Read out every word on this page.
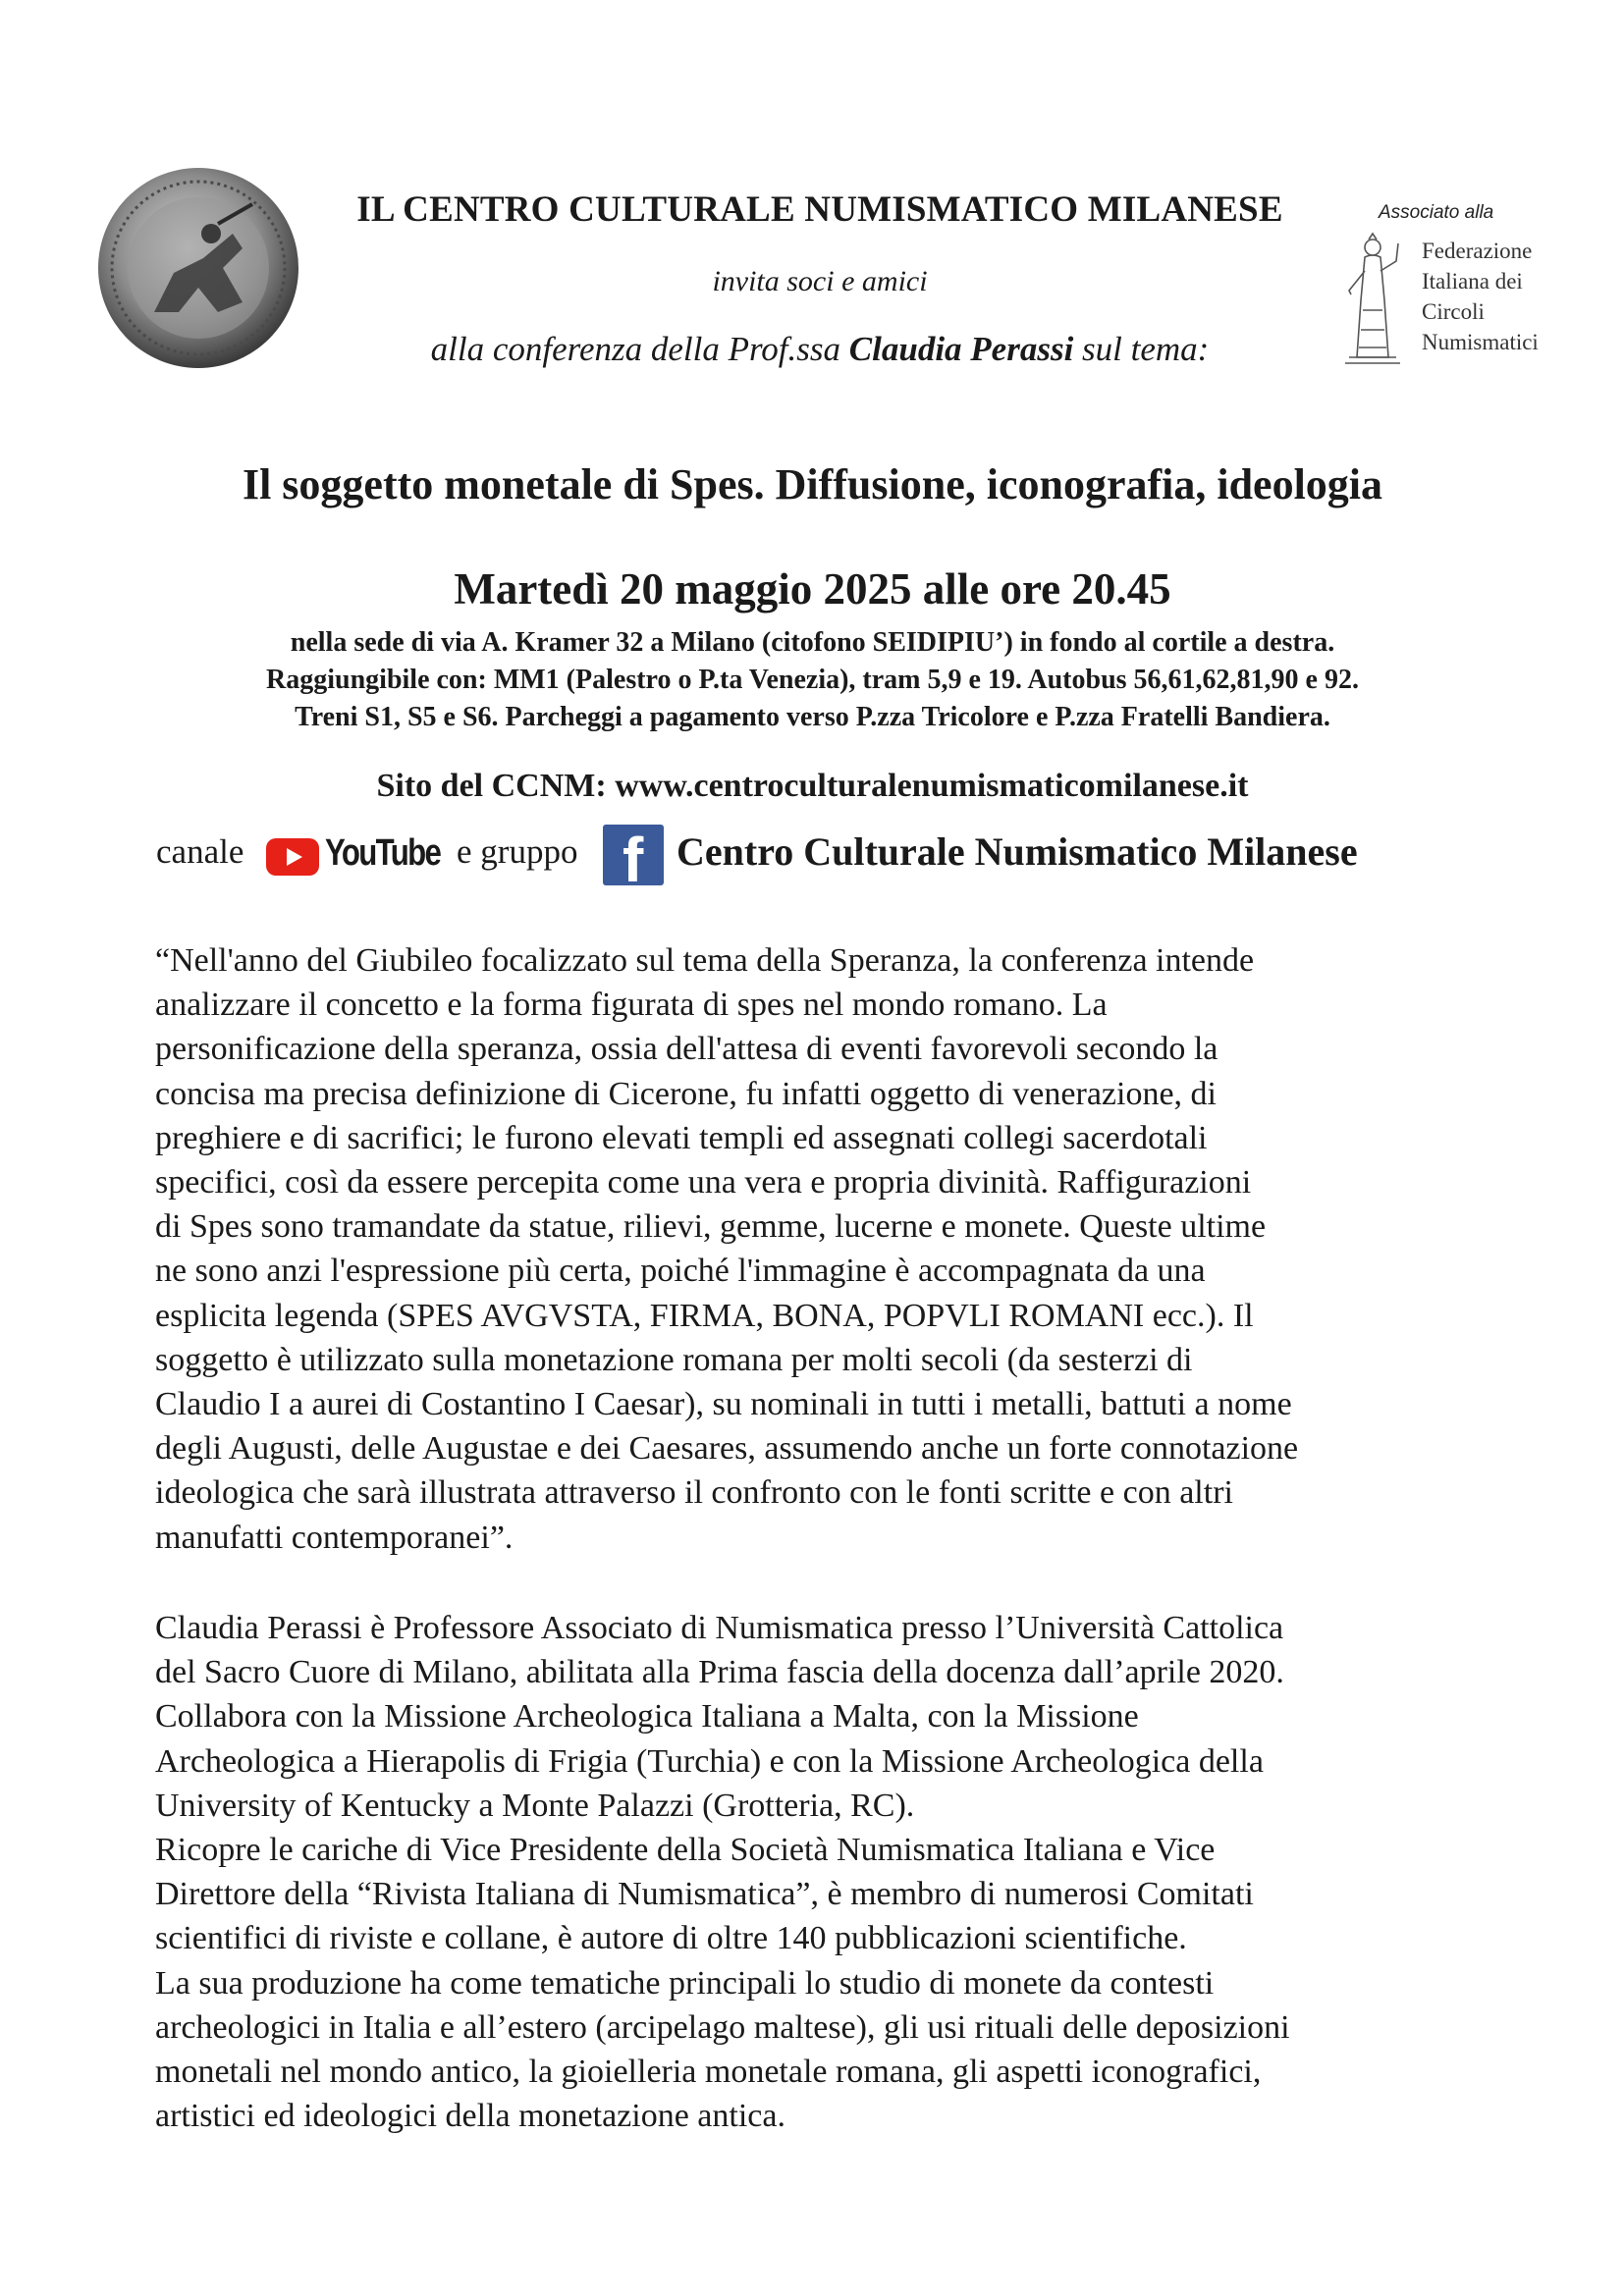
IL CENTRO CULTURALE NUMISMATICO MILANESE
invita soci e amici
alla conferenza della Prof.ssa Claudia Perassi sul tema:
Associato alla
Federazione
Italiana dei
Circoli
Numismatici
Il soggetto monetale di Spes. Diffusione, iconografia, ideologia
Martedì 20 maggio 2025 alle ore 20.45
nella sede di via A. Kramer 32 a Milano (citofono SEIDIPIU’) in fondo al cortile a destra.
Raggiungibile con: MM1 (Palestro o P.ta Venezia), tram 5,9 e 19. Autobus 56,61,62,81,90 e 92.
Treni S1, S5 e S6. Parcheggi a pagamento verso P.zza Tricolore e P.zza Fratelli Bandiera.
Sito del CCNM: www.centroculturalenumismaticomilanese.it
canale YouTube e gruppo f Centro Culturale Numismatico Milanese
“Nell'anno del Giubileo focalizzato sul tema della Speranza, la conferenza intende
analizzare il concetto e la forma figurata di spes nel mondo romano. La
personificazione della speranza, ossia dell'attesa di eventi favorevoli secondo la
concisa ma precisa definizione di Cicerone, fu infatti oggetto di venerazione, di
preghiere e di sacrifici; le furono elevati templi ed assegnati collegi sacerdotali
specifici, così da essere percepita come una vera e propria divinità. Raffigurazioni
di Spes sono tramandate da statue, rilievi, gemme, lucerne e monete. Queste ultime
ne sono anzi l'espressione più certa, poiché l'immagine è accompagnata da una
esplicita legenda (SPES AVGVSTA, FIRMA, BONA, POPVLI ROMANI ecc.). Il
soggetto è utilizzato sulla monetazione romana per molti secoli (da sesterzi di
Claudio I a aurei di Costantino I Caesar), su nominali in tutti i metalli, battuti a nome
degli Augusti, delle Augustae e dei Caesares, assumendo anche un forte connotazione
ideologica che sarà illustrata attraverso il confronto con le fonti scritte e con altri
manufatti contemporanei”.
Claudia Perassi è Professore Associato di Numismatica presso l’Università Cattolica
del Sacro Cuore di Milano, abilitata alla Prima fascia della docenza dall’aprile 2020.
Collabora con la Missione Archeologica Italiana a Malta, con la Missione
Archeologica a Hierapolis di Frigia (Turchia) e con la Missione Archeologica della
University of Kentucky a Monte Palazzi (Grotteria, RC).
Ricopre le cariche di Vice Presidente della Società Numismatica Italiana e Vice
Direttore della “Rivista Italiana di Numismatica”, è membro di numerosi Comitati
scientifici di riviste e collane, è autore di oltre 140 pubblicazioni scientifiche.
La sua produzione ha come tematiche principali lo studio di monete da contesti
archeologici in Italia e all’estero (arcipelago maltese), gli usi rituali delle deposizioni
monetali nel mondo antico, la gioielleria monetale romana, gli aspetti iconografici,
artistici ed ideologici della monetazione antica.
